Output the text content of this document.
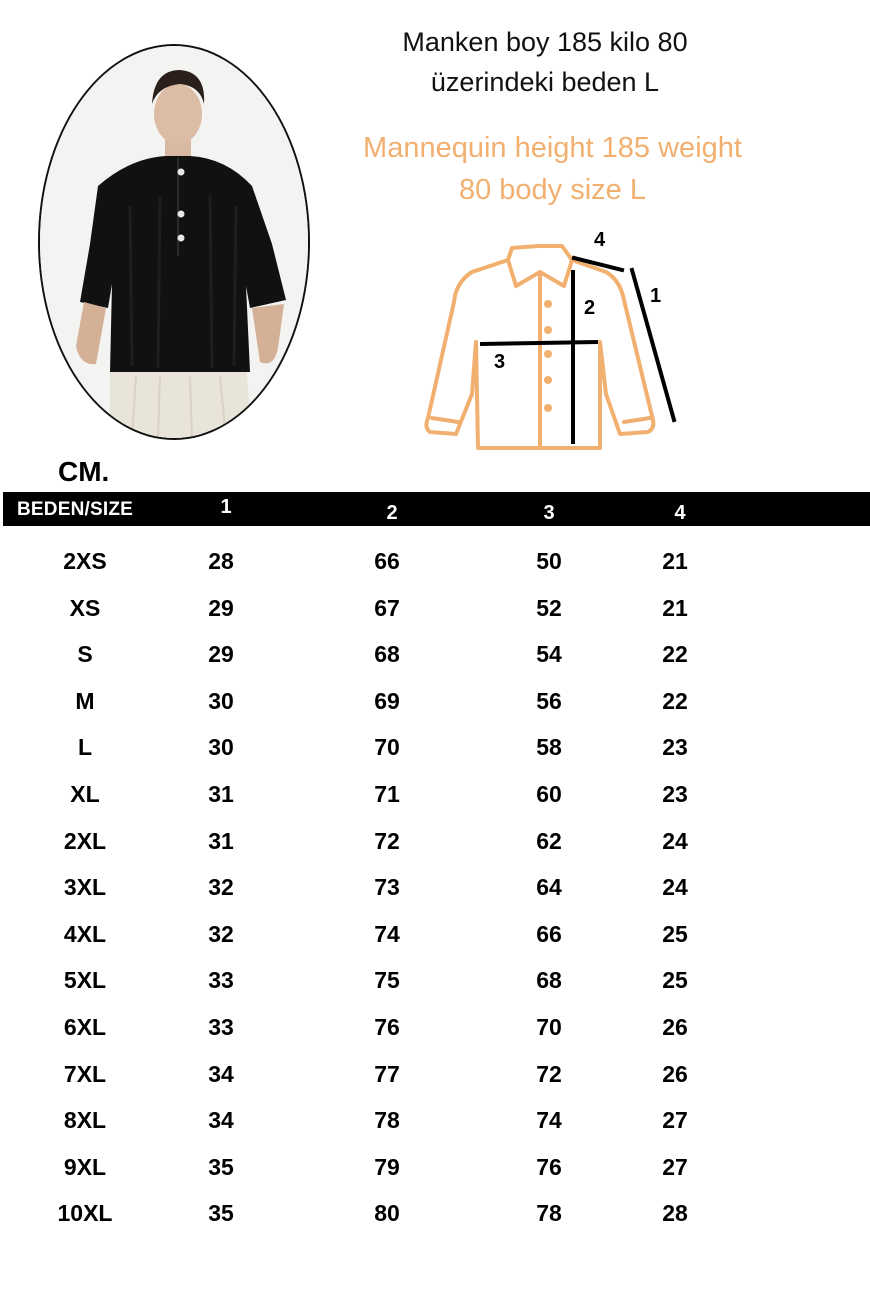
Manken boy 185 kilo 80
üzerindeki beden L
Mannequin height 185 weight
80 body size L
1
2
3
4
CM.
BEDEN/SIZE	1	2	3	4
2XS	28	66	50	21
XS	29	67	52	21
S	29	68	54	22
M	30	69	56	22
L	30	70	58	23
XL	31	71	60	23
2XL	31	72	62	24
3XL	32	73	64	24
4XL	32	74	66	25
5XL	33	75	68	25
6XL	33	76	70	26
7XL	34	77	72	26
8XL	34	78	74	27
9XL	35	79	76	27
10XL	35	80	78	28
